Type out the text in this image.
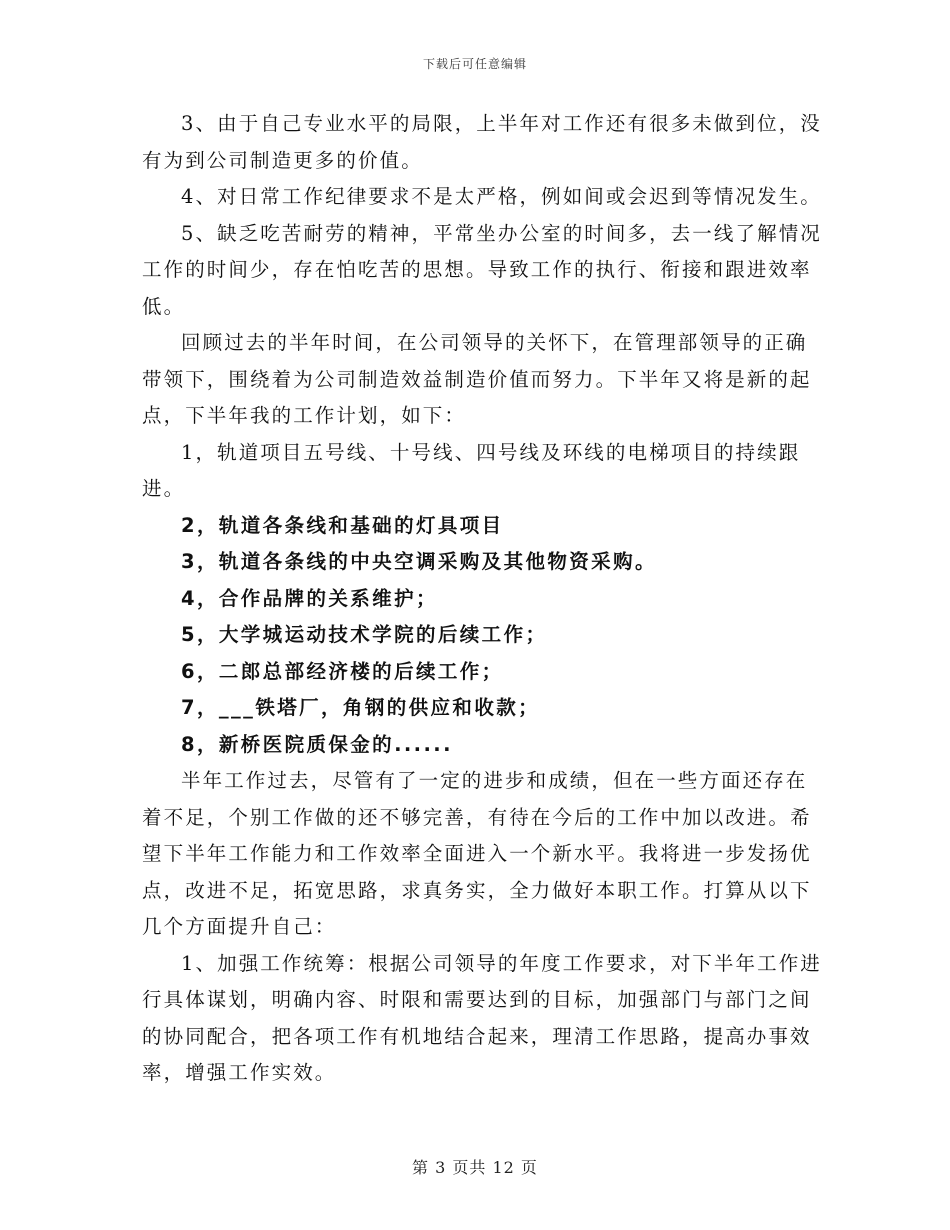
下载后可任意编辑

3、由于自己专业水平的局限，上半年对工作还有很多未做到位，没有为到公司制造更多的价值。

4、对日常工作纪律要求不是太严格，例如间或会迟到等情况发生。

5、缺乏吃苦耐劳的精神，平常坐办公室的时间多，去一线了解情况工作的时间少，存在怕吃苦的思想。导致工作的执行、衔接和跟进效率低。

回顾过去的半年时间，在公司领导的关怀下，在管理部领导的正确带领下，围绕着为公司制造效益制造价值而努力。下半年又将是新的起点，下半年我的工作计划，如下：

1，轨道项目五号线、十号线、四号线及环线的电梯项目的持续跟进。

2，轨道各条线和基础的灯具项目

3，轨道各条线的中央空调采购及其他物资采购。

4，合作品牌的关系维护；

5，大学城运动技术学院的后续工作；

6，二郎总部经济楼的后续工作；

7，___铁塔厂，角钢的供应和收款；

8，新桥医院质保金的......

半年工作过去，尽管有了一定的进步和成绩，但在一些方面还存在着不足，个别工作做的还不够完善，有待在今后的工作中加以改进。希望下半年工作能力和工作效率全面进入一个新水平。我将进一步发扬优点，改进不足，拓宽思路，求真务实，全力做好本职工作。打算从以下几个方面提升自己：

1、加强工作统筹：根据公司领导的年度工作要求，对下半年工作进行具体谋划，明确内容、时限和需要达到的目标，加强部门与部门之间的协同配合，把各项工作有机地结合起来，理清工作思路，提高办事效率，增强工作实效。

第 3 页共 12 页
